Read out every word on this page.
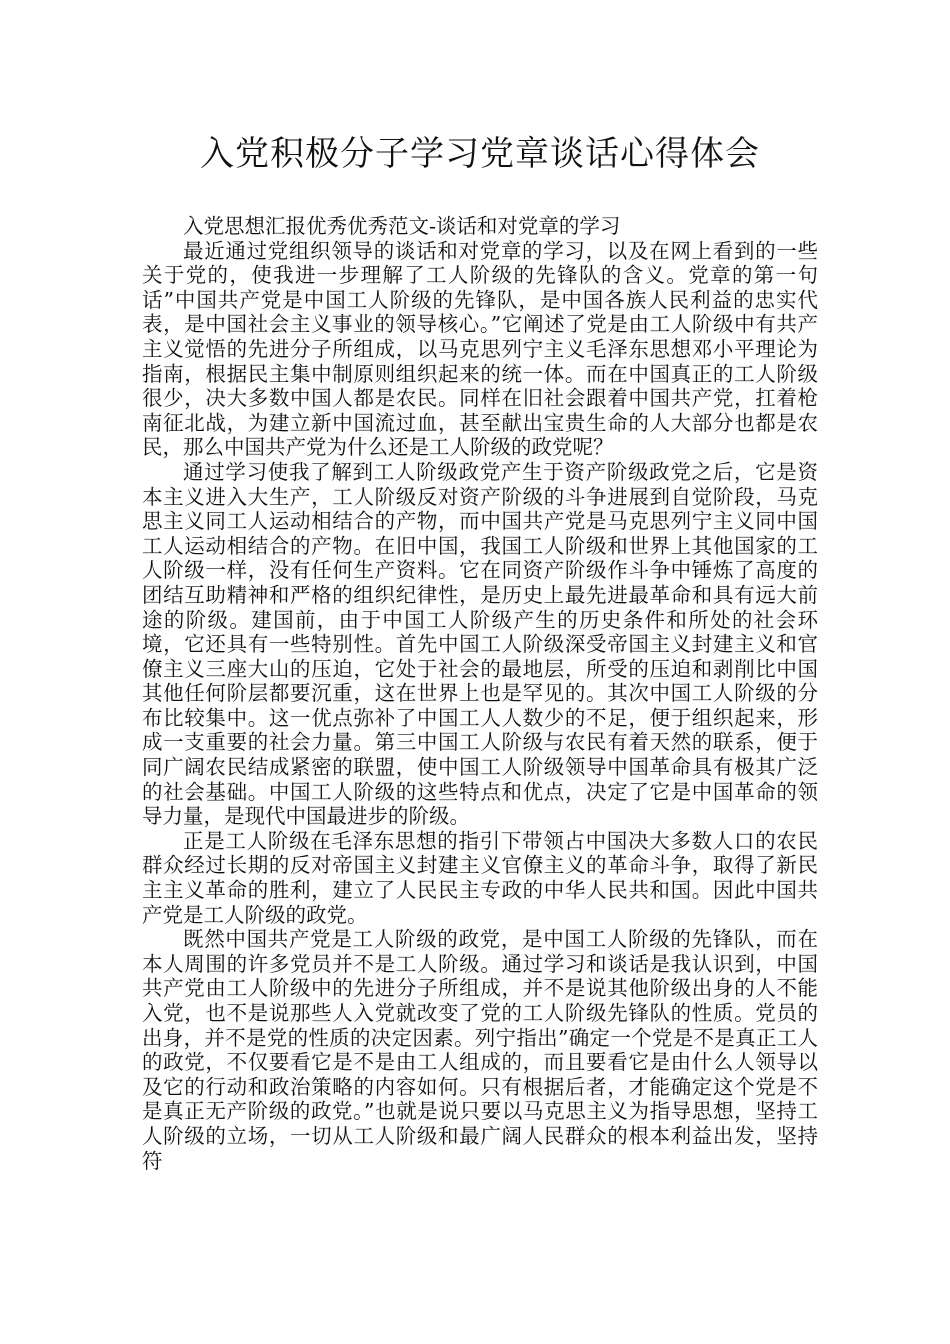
入党积极分子学习党章谈话心得体会

入党思想汇报优秀优秀范文-谈话和对党章的学习

最近通过党组织领导的谈话和对党章的学习，以及在网上看到的一些关于党的，使我进一步理解了工人阶级的先锋队的含义。党章的第一句话”中国共产党是中国工人阶级的先锋队，是中国各族人民利益的忠实代表，是中国社会主义事业的领导核心。”它阐述了党是由工人阶级中有共产主义觉悟的先进分子所组成，以马克思列宁主义毛泽东思想邓小平理论为指南，根据民主集中制原则组织起来的统一体。而在中国真正的工人阶级很少，决大多数中国人都是农民。同样在旧社会跟着中国共产党，扛着枪南征北战，为建立新中国流过血，甚至献出宝贵生命的人大部分也都是农民，那么中国共产党为什么还是工人阶级的政党呢？

通过学习使我了解到工人阶级政党产生于资产阶级政党之后，它是资本主义进入大生产，工人阶级反对资产阶级的斗争进展到自觉阶段，马克思主义同工人运动相结合的产物，而中国共产党是马克思列宁主义同中国工人运动相结合的产物。在旧中国，我国工人阶级和世界上其他国家的工人阶级一样，没有任何生产资料。它在同资产阶级作斗争中锤炼了高度的团结互助精神和严格的组织纪律性，是历史上最先进最革命和具有远大前途的阶级。建国前，由于中国工人阶级产生的历史条件和所处的社会环境，它还具有一些特别性。首先中国工人阶级深受帝国主义封建主义和官僚主义三座大山的压迫，它处于社会的最地层，所受的压迫和剥削比中国其他任何阶层都要沉重，这在世界上也是罕见的。其次中国工人阶级的分布比较集中。这一优点弥补了中国工人人数少的不足，便于组织起来，形成一支重要的社会力量。第三中国工人阶级与农民有着天然的联系，便于同广阔农民结成紧密的联盟，使中国工人阶级领导中国革命具有极其广泛的社会基础。中国工人阶级的这些特点和优点，决定了它是中国革命的领导力量，是现代中国最进步的阶级。

正是工人阶级在毛泽东思想的指引下带领占中国决大多数人口的农民群众经过长期的反对帝国主义封建主义官僚主义的革命斗争，取得了新民主主义革命的胜利，建立了人民民主专政的中华人民共和国。因此中国共产党是工人阶级的政党。

既然中国共产党是工人阶级的政党，是中国工人阶级的先锋队，而在本人周围的许多党员并不是工人阶级。通过学习和谈话是我认识到，中国共产党由工人阶级中的先进分子所组成，并不是说其他阶级出身的人不能入党，也不是说那些人入党就改变了党的工人阶级先锋队的性质。党员的出身，并不是党的性质的决定因素。列宁指出”确定一个党是不是真正工人的政党，不仅要看它是不是由工人组成的，而且要看它是由什么人领导以及它的行动和政治策略的内容如何。只有根据后者，才能确定这个党是不是真正无产阶级的政党。”也就是说只要以马克思主义为指导思想，坚持工人阶级的立场，一切从工人阶级和最广阔人民群众的根本利益出发，坚持符
